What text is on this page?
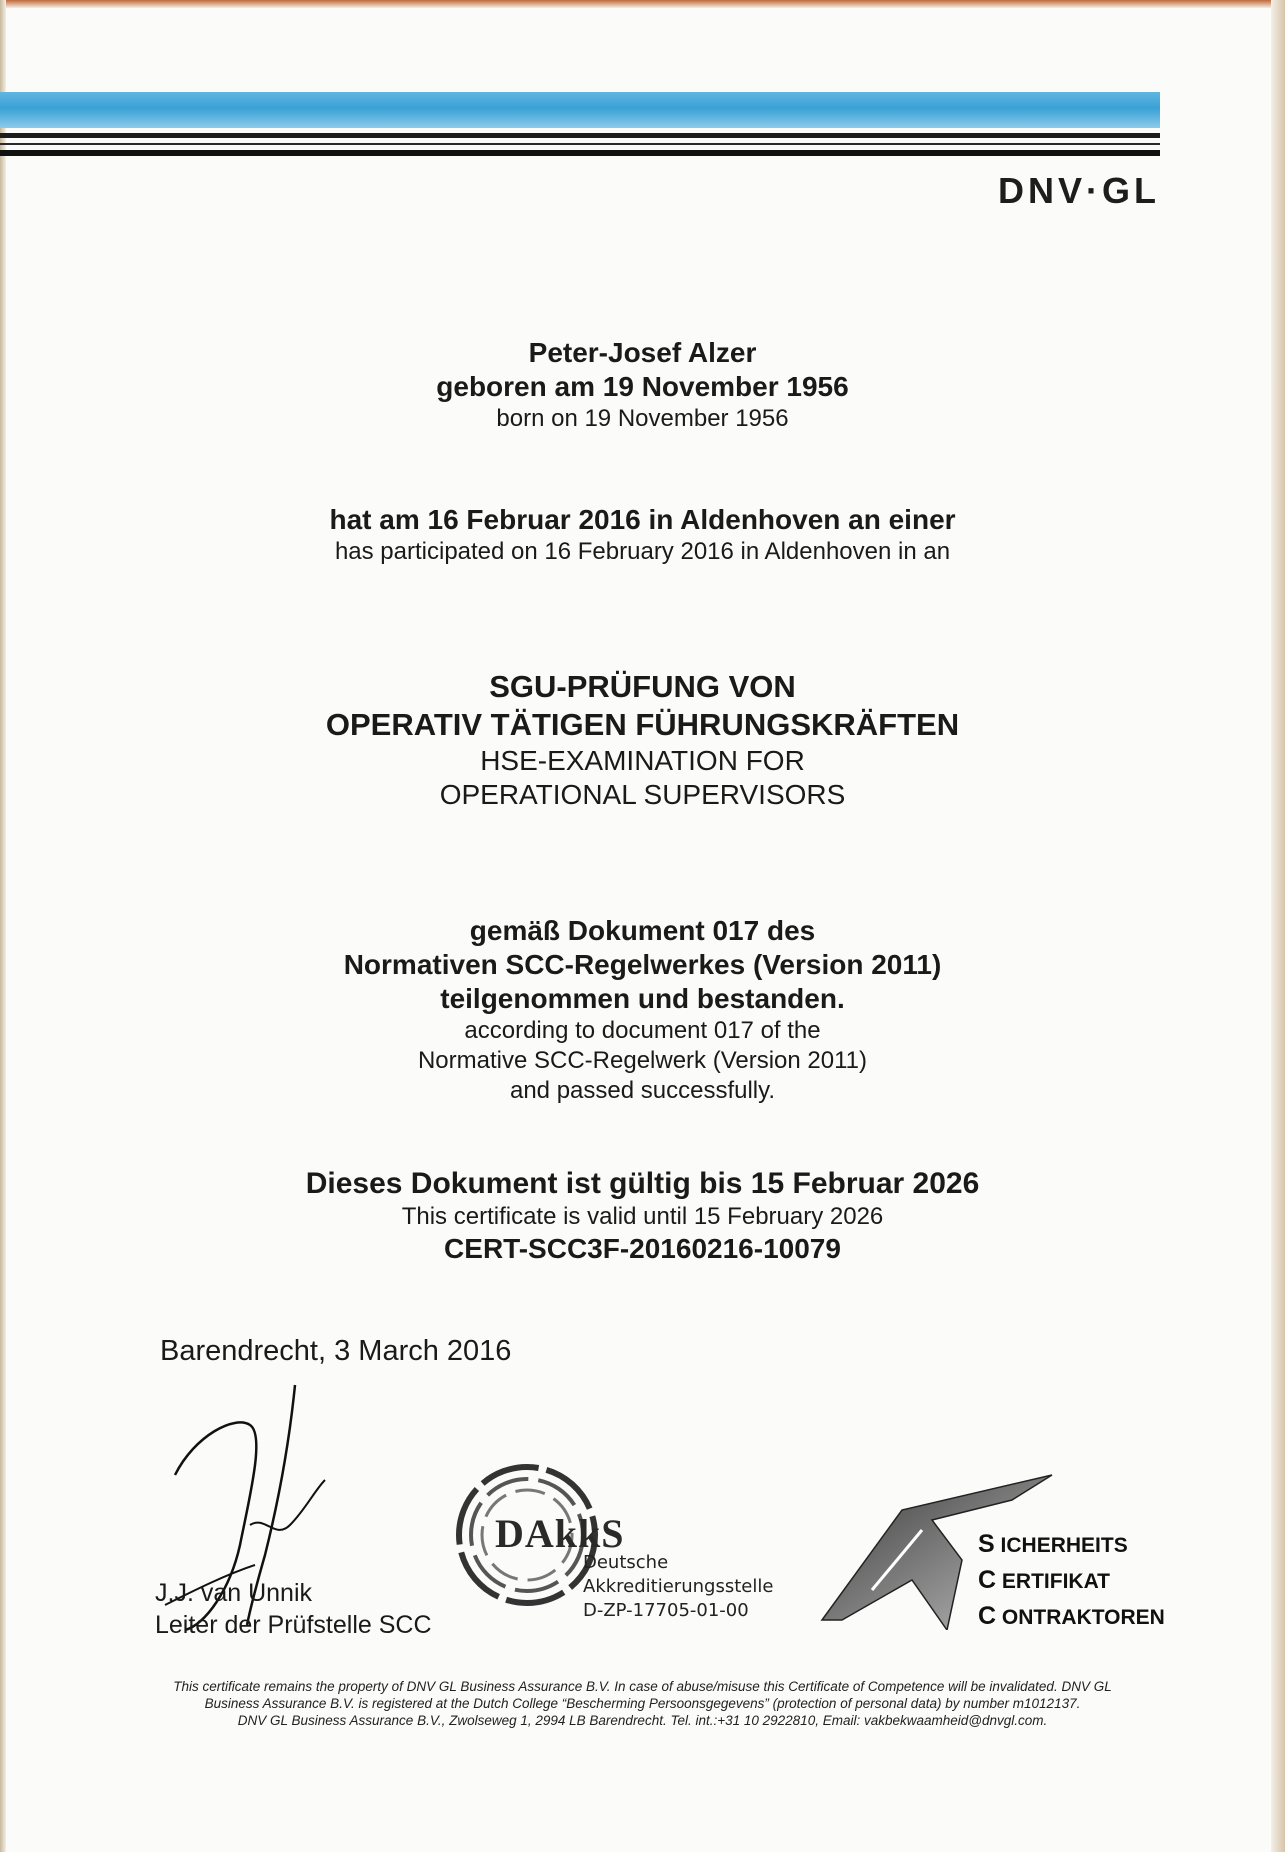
DNV·GL
Peter-Josef Alzer
geboren am 19 November 1956
born on 19 November 1956
hat am 16 Februar 2016 in Aldenhoven an einer
has participated on 16 February 2016 in Aldenhoven in an
SGU-PRÜFUNG VON
OPERATIV TÄTIGEN FÜHRUNGSKRÄFTEN
HSE-EXAMINATION FOR
OPERATIONAL SUPERVISORS
gemäß Dokument 017 des
Normativen SCC-Regelwerkes (Version 2011)
teilgenommen und bestanden.
according to document 017 of the
Normative SCC-Regelwerk (Version 2011)
and passed successfully.
Dieses Dokument ist gültig bis 15 Februar 2026
This certificate is valid until 15 February 2026
CERT-SCC3F-20160216-10079
Barendrecht, 3 March 2016
J.J. van Unnik
Leiter der Prüfstelle SCC
DAkkS
Deutsche
Akkreditierungsstelle
D-ZP-17705-01-00
S ICHERHEITS
C ERTIFIKAT
C ONTRAKTOREN
This certificate remains the property of DNV GL Business Assurance B.V. In case of abuse/misuse this Certificate of Competence will be invalidated. DNV GL
Business Assurance B.V. is registered at the Dutch College “Bescherming Persoonsgegevens” (protection of personal data) by number m1012137.
DNV GL Business Assurance B.V., Zwolseweg 1, 2994 LB Barendrecht. Tel. int.:+31 10 2922810, Email: vakbekwaamheid@dnvgl.com.
